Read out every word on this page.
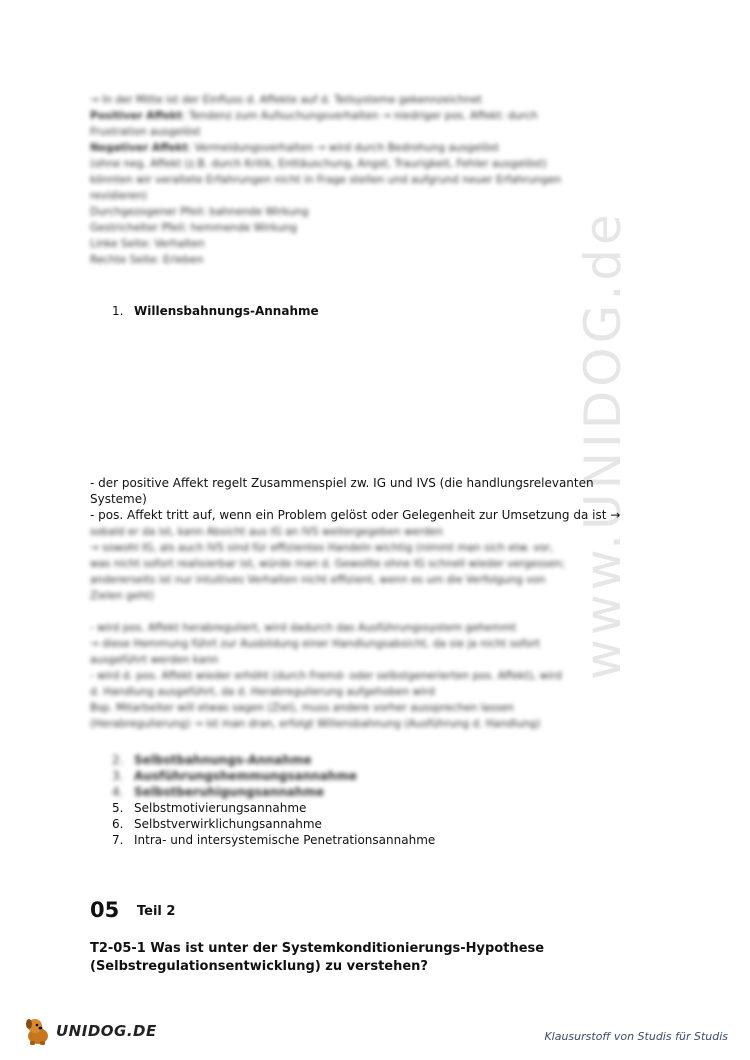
www.UNIDOG.de
→ In der Mitte ist der Einfluss d. Affekte auf d. Teilsysteme gekennzeichnet
Positiver Affekt: Tendenz zum Aufsuchungsverhalten → niedriger pos. Affekt: durch
Frustration ausgelöst
Negativer Affekt: Vermeidungsverhalten → wird durch Bedrohung ausgelöst
(ohne neg. Affekt (z.B. durch Kritik, Enttäuschung, Angst, Traurigkeit, Fehler ausgelöst)
könnten wir veraltete Erfahrungen nicht in Frage stellen und aufgrund neuer Erfahrungen
revidieren)
Durchgezogener Pfeil: bahnende Wirkung
Gestrichelter Pfeil: hemmende Wirkung
Linke Seite: Verhalten
Rechte Seite: Erleben
1. Willensbahnungs-Annahme
- der positive Affekt regelt Zusammenspiel zw. IG und IVS (die handlungsrelevanten
Systeme)
- pos. Affekt tritt auf, wenn ein Problem gelöst oder Gelegenheit zur Umsetzung da ist →
sobald er da ist, kann Absicht aus IG an IVS weitergegeben werden
→ sowohl IG, als auch IVS sind für effizientes Handeln wichtig (nimmt man sich etw. vor,
was nicht sofort realisierbar ist, würde man d. Gewollte ohne IG schnell wieder vergessen;
andererseits ist nur intuitives Verhalten nicht effizient, wenn es um die Verfolgung von
Zielen geht)

- wird pos. Affekt herabreguliert, wird dadurch das Ausführungssystem gehemmt
→ diese Hemmung führt zur Ausbildung einer Handlungsabsicht, da sie ja nicht sofort
ausgeführt werden kann
- wird d. pos. Affekt wieder erhöht (durch Fremd- oder selbstgenerierten pos. Affekt), wird
d. Handlung ausgeführt, da d. Herabregulierung aufgehoben wird
Bsp. Mitarbeiter will etwas sagen (Ziel), muss andere vorher aussprechen lassen
(Herabregulierung) → ist man dran, erfolgt Willensbahnung (Ausführung d. Handlung)
2. Selbstbahnungs-Annahme
3. Ausführungshemmungsannahme
4. Selbstberuhigungsannahme
5. Selbstmotivierungsannahme
6. Selbstverwirklichungsannahme
7. Intra- und intersystemische Penetrationsannahme
05 Teil 2
T2-05-1 Was ist unter der Systemkonditionierungs-Hypothese (Selbstregulationsentwicklung) zu verstehen?
UNIDOG.DE	Klausurstoff von Studis für Studis
